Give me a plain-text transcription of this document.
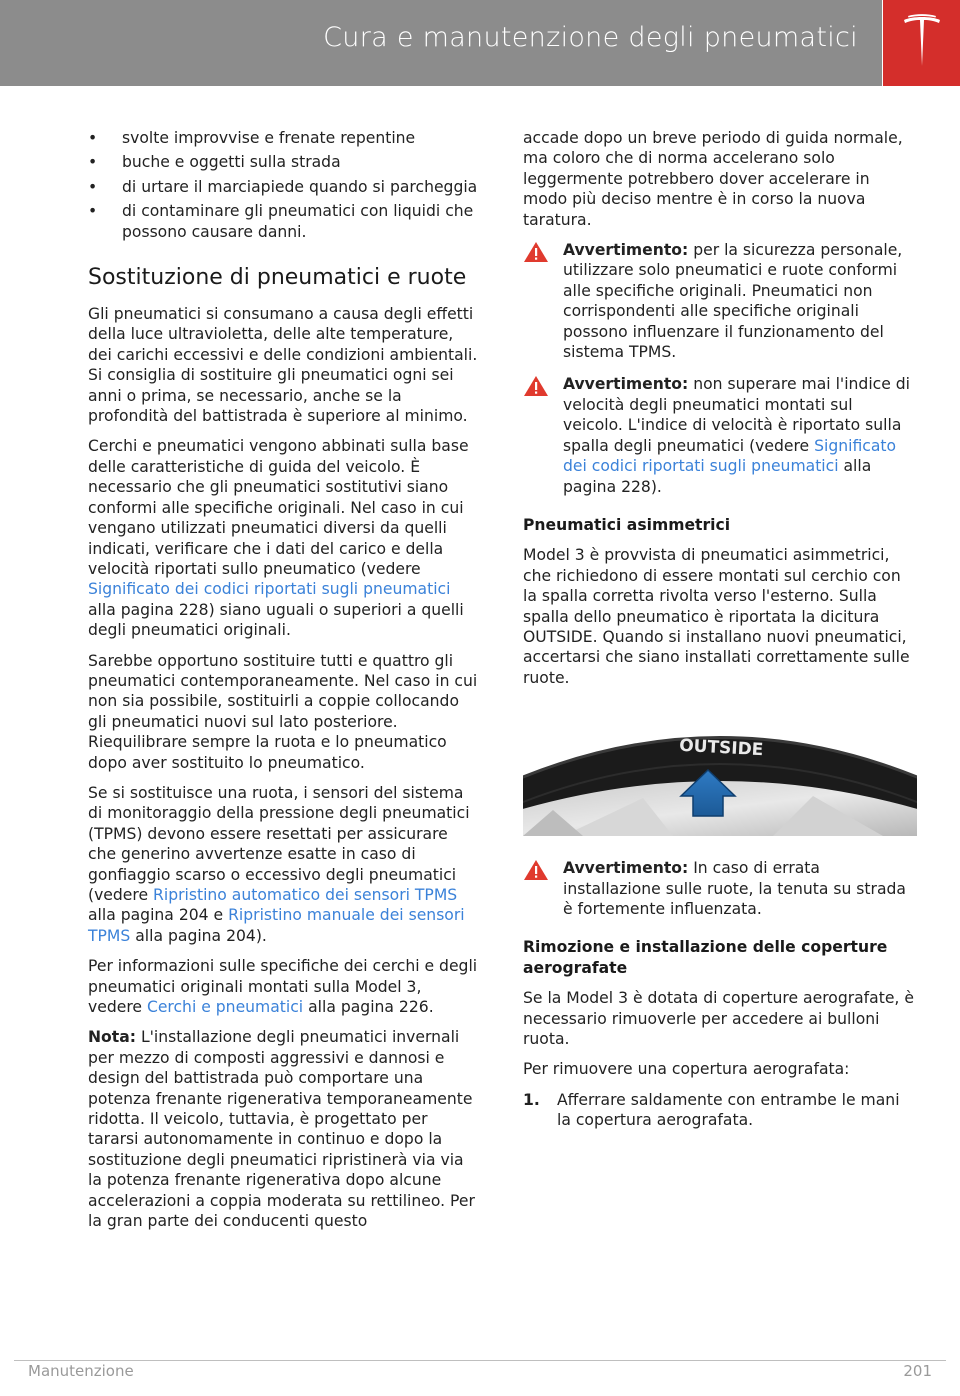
Cura e manutenzione degli pneumatici
• svolte improvvise e frenate repentine
• buche e oggetti sulla strada
• di urtare il marciapiede quando si parcheggia
• di contaminare gli pneumatici con liquidi che possono causare danni.
Sostituzione di pneumatici e ruote

Gli pneumatici si consumano a causa degli effetti della luce ultravioletta, delle alte temperature, dei carichi eccessivi e delle condizioni ambientali. Si consiglia di sostituire gli pneumatici ogni sei anni o prima, se necessario, anche se la profondità del battistrada è superiore al minimo.

Cerchi e pneumatici vengono abbinati sulla base delle caratteristiche di guida del veicolo. È necessario che gli pneumatici sostitutivi siano conformi alle specifiche originali. Nel caso in cui vengano utilizzati pneumatici diversi da quelli indicati, verificare che i dati del carico e della velocità riportati sullo pneumatico (vedere Significato dei codici riportati sugli pneumatici alla pagina 228) siano uguali o superiori a quelli degli pneumatici originali.

Sarebbe opportuno sostituire tutti e quattro gli pneumatici contemporaneamente. Nel caso in cui non sia possibile, sostituirli a coppie collocando gli pneumatici nuovi sul lato posteriore. Riequilibrare sempre la ruota e lo pneumatico dopo aver sostituito lo pneumatico.

Se si sostituisce una ruota, i sensori del sistema di monitoraggio della pressione degli pneumatici (TPMS) devono essere resettati per assicurare che generino avvertenze esatte in caso di gonfiaggio scarso o eccessivo degli pneumatici (vedere Ripristino automatico dei sensori TPMS alla pagina 204 e Ripristino manuale dei sensori TPMS alla pagina 204).

Per informazioni sulle specifiche dei cerchi e degli pneumatici originali montati sulla Model 3, vedere Cerchi e pneumatici alla pagina 226.

Nota: L'installazione degli pneumatici invernali per mezzo di composti aggressivi e dannosi e design del battistrada può comportare una potenza frenante rigenerativa temporaneamente ridotta. Il veicolo, tuttavia, è progettato per tararsi autonomamente in continuo e dopo la sostituzione degli pneumatici ripristinerà via via la potenza frenante rigenerativa dopo alcune accelerazioni a coppia moderata su rettilineo. Per la gran parte dei conducenti questo

accade dopo un breve periodo di guida normale, ma coloro che di norma accelerano solo leggermente potrebbero dover accelerare in modo più deciso mentre è in corso la nuova taratura.

Avvertimento: per la sicurezza personale, utilizzare solo pneumatici e ruote conformi alle specifiche originali. Pneumatici non corrispondenti alle specifiche originali possono influenzare il funzionamento del sistema TPMS.
Avvertimento: non superare mai l'indice di velocità degli pneumatici montati sul veicolo. L'indice di velocità è riportato sulla spalla degli pneumatici (vedere Significato dei codici riportati sugli pneumatici alla pagina 228).
Pneumatici asimmetrici

Model 3 è provvista di pneumatici asimmetrici, che richiedono di essere montati sul cerchio con la spalla corretta rivolta verso l'esterno. Sulla spalla dello pneumatico è riportata la dicitura OUTSIDE. Quando si installano nuovi pneumatici, accertarsi che siano installati correttamente sulle ruote.

OUTSIDE
Avvertimento: In caso di errata installazione sulle ruote, la tenuta su strada è fortemente influenzata.
Rimozione e installazione delle coperture aerografate

Se la Model 3 è dotata di coperture aerografate, è necessario rimuoverle per accedere ai bulloni ruota.

Per rimuovere una copertura aerografata:

1. Afferrare saldamente con entrambe le mani la copertura aerografata.
Manutenzione	201
